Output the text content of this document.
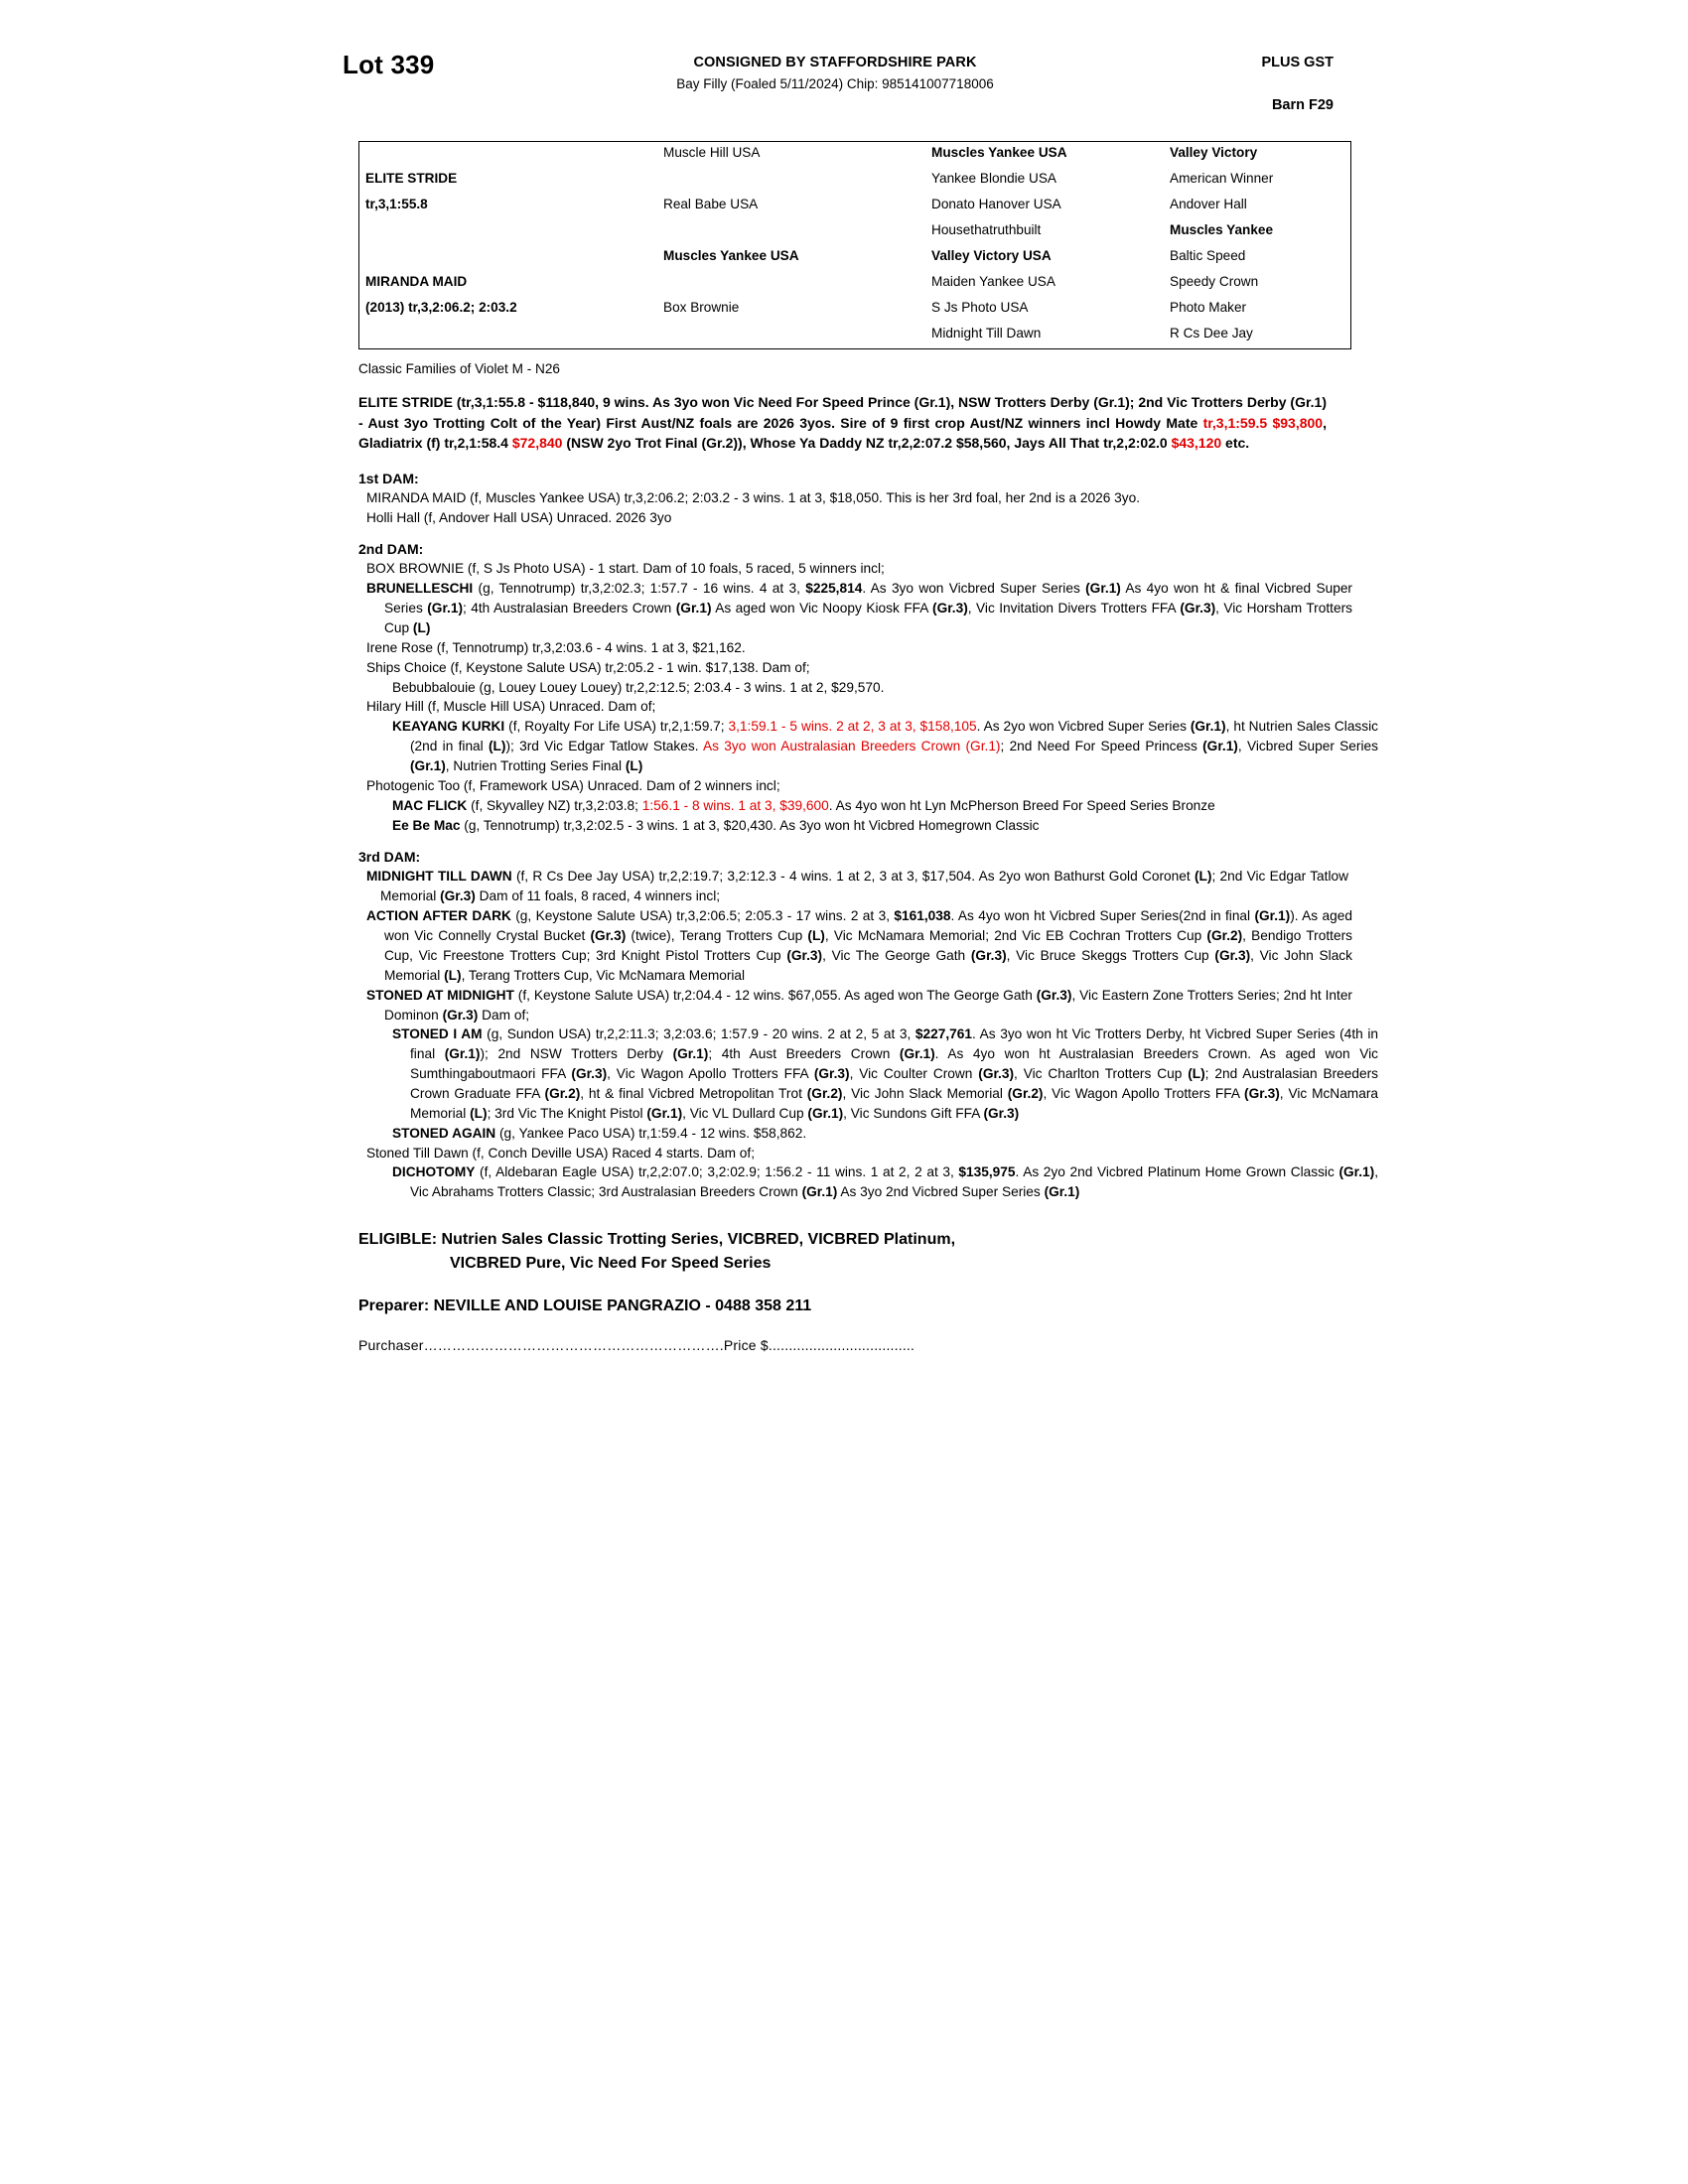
Lot 339	CONSIGNED BY STAFFORDSHIRE PARK
Bay Filly (Foaled 5/11/2024) Chip: 985141007718006
PLUS GST
Barn F29
	Muscle Hill USA	Muscles Yankee USA	Valley Victory
ELITE STRIDE		Yankee Blondie USA	American Winner
tr,3,1:55.8	Real Babe USA	Donato Hanover USA	Andover Hall
		Housethatruthbuilt	Muscles Yankee
	Muscles Yankee USA	Valley Victory USA	Baltic Speed
MIRANDA MAID		Maiden Yankee USA	Speedy Crown
(2013) tr,3,2:06.2; 2:03.2	Box Brownie	S Js Photo USA	Photo Maker
		Midnight Till Dawn	R Cs Dee Jay
Classic Families of Violet M - N26
ELITE STRIDE (tr,3,1:55.8 - $118,840, 9 wins. As 3yo won Vic Need For Speed Prince (Gr.1), NSW Trotters Derby (Gr.1); 2nd Vic Trotters Derby (Gr.1) - Aust 3yo Trotting Colt of the Year) First Aust/NZ foals are 2026 3yos. Sire of 9 first crop Aust/NZ winners incl Howdy Mate tr,3,1:59.5 $93,800, Gladiatrix (f) tr,2,1:58.4 $72,840 (NSW 2yo Trot Final (Gr.2)), Whose Ya Daddy NZ tr,2,2:07.2 $58,560, Jays All That tr,2,2:02.0 $43,120 etc.
1st DAM:

MIRANDA MAID (f, Muscles Yankee USA) tr,3,2:06.2; 2:03.2 - 3 wins. 1 at 3, $18,050. This is her 3rd foal, her 2nd is a 2026 3yo.

Holli Hall (f, Andover Hall USA) Unraced. 2026 3yo

2nd DAM:

BOX BROWNIE (f, S Js Photo USA) - 1 start. Dam of 10 foals, 5 raced, 5 winners incl;

BRUNELLESCHI (g, Tennotrump) tr,3,2:02.3; 1:57.7 - 16 wins. 4 at 3, $225,814. As 3yo won Vicbred Super Series (Gr.1) As 4yo won ht & final Vicbred Super Series (Gr.1); 4th Australasian Breeders Crown (Gr.1) As aged won Vic Noopy Kiosk FFA (Gr.3), Vic Invitation Divers Trotters FFA (Gr.3), Vic Horsham Trotters Cup (L)

Irene Rose (f, Tennotrump) tr,3,2:03.6 - 4 wins. 1 at 3, $21,162.

Ships Choice (f, Keystone Salute USA) tr,2:05.2 - 1 win. $17,138. Dam of;

Bebubbalouie (g, Louey Louey Louey) tr,2,2:12.5; 2:03.4 - 3 wins. 1 at 2, $29,570.

Hilary Hill (f, Muscle Hill USA) Unraced. Dam of;

KEAYANG KURKI (f, Royalty For Life USA) tr,2,1:59.7; 3,1:59.1 - 5 wins. 2 at 2, 3 at 3, $158,105. As 2yo won Vicbred Super Series (Gr.1), ht Nutrien Sales Classic (2nd in final (L)); 3rd Vic Edgar Tatlow Stakes. As 3yo won Australasian Breeders Crown (Gr.1); 2nd Need For Speed Princess (Gr.1), Vicbred Super Series (Gr.1), Nutrien Trotting Series Final (L)

Photogenic Too (f, Framework USA) Unraced. Dam of 2 winners incl;

MAC FLICK (f, Skyvalley NZ) tr,3,2:03.8; 1:56.1 - 8 wins. 1 at 3, $39,600. As 4yo won ht Lyn McPherson Breed For Speed Series Bronze

Ee Be Mac (g, Tennotrump) tr,3,2:02.5 - 3 wins. 1 at 3, $20,430. As 3yo won ht Vicbred Homegrown Classic

3rd DAM:

MIDNIGHT TILL DAWN (f, R Cs Dee Jay USA) tr,2,2:19.7; 3,2:12.3 - 4 wins. 1 at 2, 3 at 3, $17,504. As 2yo won Bathurst Gold Coronet (L); 2nd Vic Edgar Tatlow Memorial (Gr.3) Dam of 11 foals, 8 raced, 4 winners incl;

ACTION AFTER DARK (g, Keystone Salute USA) tr,3,2:06.5; 2:05.3 - 17 wins. 2 at 3, $161,038. As 4yo won ht Vicbred Super Series(2nd in final (Gr.1)). As aged won Vic Connelly Crystal Bucket (Gr.3) (twice), Terang Trotters Cup (L), Vic McNamara Memorial; 2nd Vic EB Cochran Trotters Cup (Gr.2), Bendigo Trotters Cup, Vic Freestone Trotters Cup; 3rd Knight Pistol Trotters Cup (Gr.3), Vic The George Gath (Gr.3), Vic Bruce Skeggs Trotters Cup (Gr.3), Vic John Slack Memorial (L), Terang Trotters Cup, Vic McNamara Memorial

STONED AT MIDNIGHT (f, Keystone Salute USA) tr,2:04.4 - 12 wins. $67,055. As aged won The George Gath (Gr.3), Vic Eastern Zone Trotters Series; 2nd ht Inter Dominon (Gr.3) Dam of;

STONED I AM (g, Sundon USA) tr,2,2:11.3; 3,2:03.6; 1:57.9 - 20 wins. 2 at 2, 5 at 3, $227,761. As 3yo won ht Vic Trotters Derby, ht Vicbred Super Series (4th in final (Gr.1)); 2nd NSW Trotters Derby (Gr.1); 4th Aust Breeders Crown (Gr.1). As 4yo won ht Australasian Breeders Crown. As aged won Vic Sumthingaboutmaori FFA (Gr.3), Vic Wagon Apollo Trotters FFA (Gr.3), Vic Coulter Crown (Gr.3), Vic Charlton Trotters Cup (L); 2nd Australasian Breeders Crown Graduate FFA (Gr.2), ht & final Vicbred Metropolitan Trot (Gr.2), Vic John Slack Memorial (Gr.2), Vic Wagon Apollo Trotters FFA (Gr.3), Vic McNamara Memorial (L); 3rd Vic The Knight Pistol (Gr.1), Vic VL Dullard Cup (Gr.1), Vic Sundons Gift FFA (Gr.3)

STONED AGAIN (g, Yankee Paco USA) tr,1:59.4 - 12 wins. $58,862.

Stoned Till Dawn (f, Conch Deville USA) Raced 4 starts. Dam of;

DICHOTOMY (f, Aldebaran Eagle USA) tr,2,2:07.0; 3,2:02.9; 1:56.2 - 11 wins. 1 at 2, 2 at 3, $135,975. As 2yo 2nd Vicbred Platinum Home Grown Classic (Gr.1), Vic Abrahams Trotters Classic; 3rd Australasian Breeders Crown (Gr.1) As 3yo 2nd Vicbred Super Series (Gr.1)

ELIGIBLE: Nutrien Sales Classic Trotting Series, VICBRED, VICBRED Platinum,
VICBRED Pure, Vic Need For Speed Series
Preparer: NEVILLE AND LOUISE PANGRAZIO - 0488 358 211
Purchaser……………………………………………………….Price $....................................
